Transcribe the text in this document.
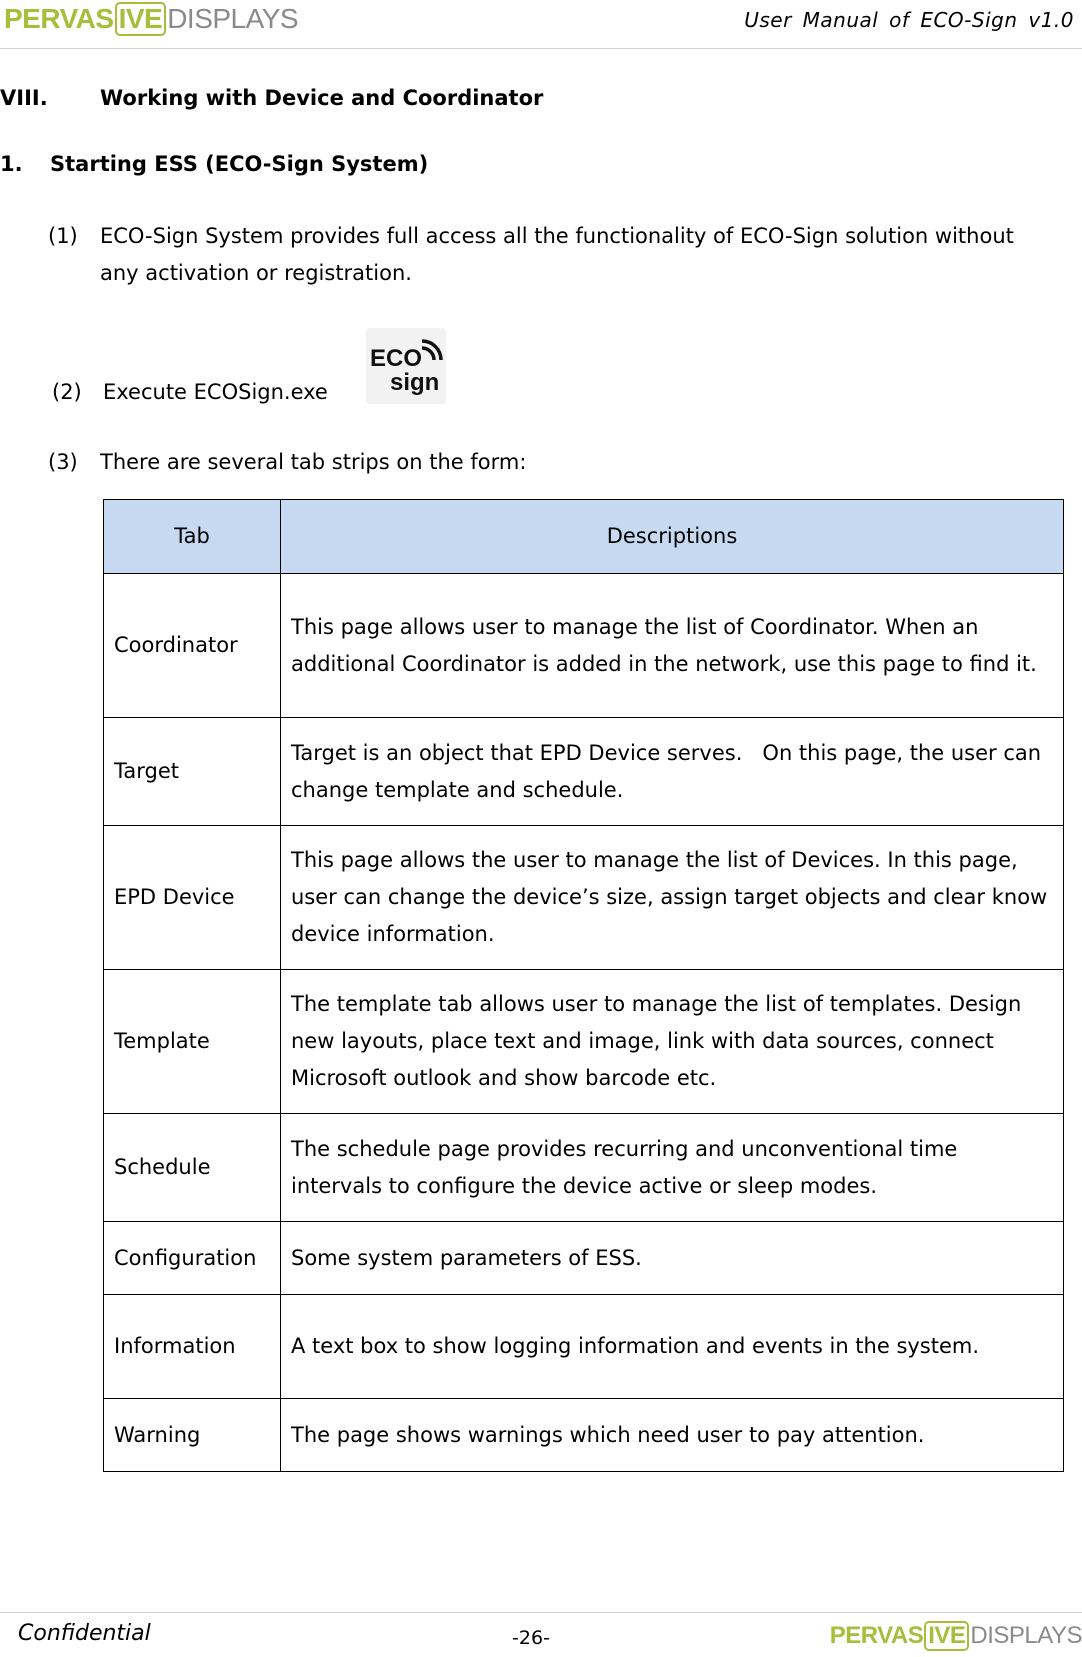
PERVAS IVE DISPLAYS	User Manual of ECO-Sign v1.0
VIII. Working with Device and Coordinator
1. Starting ESS (ECO-Sign System)
(1) ECO-Sign System provides full access all the functionality of ECO-Sign solution without any activation or registration.
(2) Execute ECOSign.exe
ECO
sign
(3) There are several tab strips on the form:
Tab	Descriptions
Coordinator	This page allows user to manage the list of Coordinator. When an additional Coordinator is added in the network, use this page to find it.
Target	Target is an object that EPD Device serves.   On this page, the user can change template and schedule.
EPD Device	This page allows the user to manage the list of Devices. In this page, user can change the device’s size, assign target objects and clear know device information.
Template	The template tab allows user to manage the list of templates. Design new layouts, place text and image, link with data sources, connect Microsoft outlook and show barcode etc.
Schedule	The schedule page provides recurring and unconventional time intervals to configure the device active or sleep modes.
Configuration	Some system parameters of ESS.
Information	A text box to show logging information and events in the system.
Warning	The page shows warnings which need user to pay attention.
Confidential	-26-	PERVAS IVE DISPLAYS
